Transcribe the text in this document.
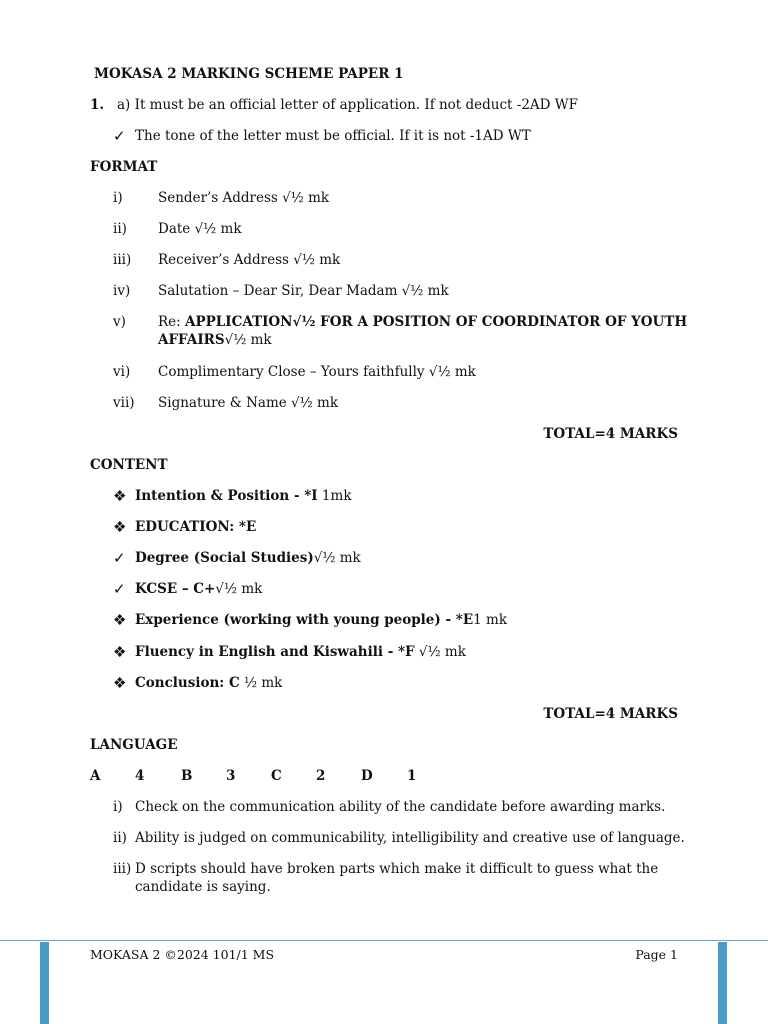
MOKASA 2 MARKING SCHEME PAPER 1
1. a) It must be an official letter of application. If not deduct -2AD WF
✓ The tone of the letter must be official. If it is not -1AD WT
FORMAT
i)	Sender’s Address √½ mk
ii) Date √½ mk
iii) Receiver’s Address √½ mk
iv) Salutation – Dear Sir, Dear Madam √½ mk
v) Re: APPLICATION√½ FOR A POSITION OF COORDINATOR OF YOUTH
AFFAIRS√½ mk
vi) Complimentary Close – Yours faithfully √½ mk
vii) Signature & Name √½ mk
TOTAL=4 MARKS
CONTENT
❖ Intention & Position - *I 1mk
❖ EDUCATION: *E
✓ Degree (Social Studies)√½ mk
✓ KCSE – C+√½ mk
❖ Experience (working with young people) - *E1 mk
❖ Fluency in English and Kiswahili - *F √½ mk
❖ Conclusion: C ½ mk
TOTAL=4 MARKS
LANGUAGE
A	4	B 3	C	2	D	1
i) Check on the communication ability of the candidate before awarding marks.
ii) Ability is judged on communicability, intelligibility and creative use of language.
iii) D scripts should have broken parts which make it difficult to guess what the
candidate is saying.
MOKASA 2 ©2024 101/1 MS	Page 1
